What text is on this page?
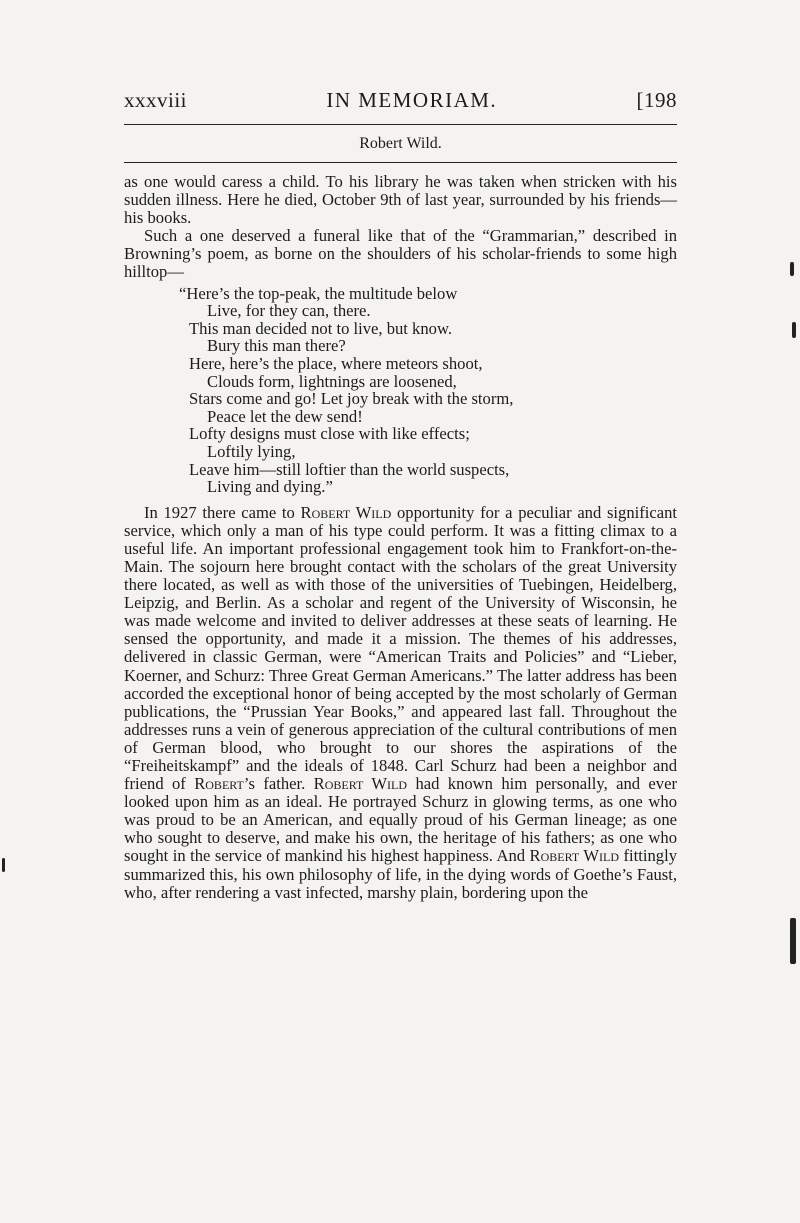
xxxviii	IN MEMORIAM.	[198
Robert Wild.

as one would caress a child. To his library he was taken when stricken with his sudden illness. Here he died, October 9th of last year, surrounded by his friends—his books.

Such a one deserved a funeral like that of the “Grammarian,” described in Browning’s poem, as borne on the shoulders of his scholar-friends to some high hilltop—

“Here’s the top-peak, the multitude below
Live, for they can, there.
This man decided not to live, but know.
Bury this man there?
Here, here’s the place, where meteors shoot,
Clouds form, lightnings are loosened,
Stars come and go! Let joy break with the storm,
Peace let the dew send!
Lofty designs must close with like effects;
Loftily lying,
Leave him—still loftier than the world suspects,
Living and dying.”

In 1927 there came to Robert Wild opportunity for a peculiar and significant service, which only a man of his type could perform. It was a fitting climax to a useful life. An important professional engagement took him to Frankfort-on-the-Main. The sojourn here brought contact with the scholars of the great University there located, as well as with those of the universities of Tuebingen, Heidelberg, Leipzig, and Berlin. As a scholar and regent of the University of Wisconsin, he was made welcome and invited to deliver addresses at these seats of learning. He sensed the opportunity, and made it a mission. The themes of his addresses, delivered in classic German, were “American Traits and Policies” and “Lieber, Koerner, and Schurz: Three Great German Americans.” The latter address has been accorded the exceptional honor of being accepted by the most scholarly of German publications, the “Prussian Year Books,” and appeared last fall. Throughout the addresses runs a vein of generous appreciation of the cultural contributions of men of German blood, who brought to our shores the aspirations of the “Freiheitskampf” and the ideals of 1848. Carl Schurz had been a neighbor and friend of Robert’s father. Robert Wild had known him personally, and ever looked upon him as an ideal. He portrayed Schurz in glowing terms, as one who was proud to be an American, and equally proud of his German lineage; as one who sought to deserve, and make his own, the heritage of his fathers; as one who sought in the service of mankind his highest happiness. And Robert Wild fittingly summarized this, his own philosophy of life, in the dying words of Goethe’s Faust, who, after rendering a vast infected, marshy plain, bordering upon the
